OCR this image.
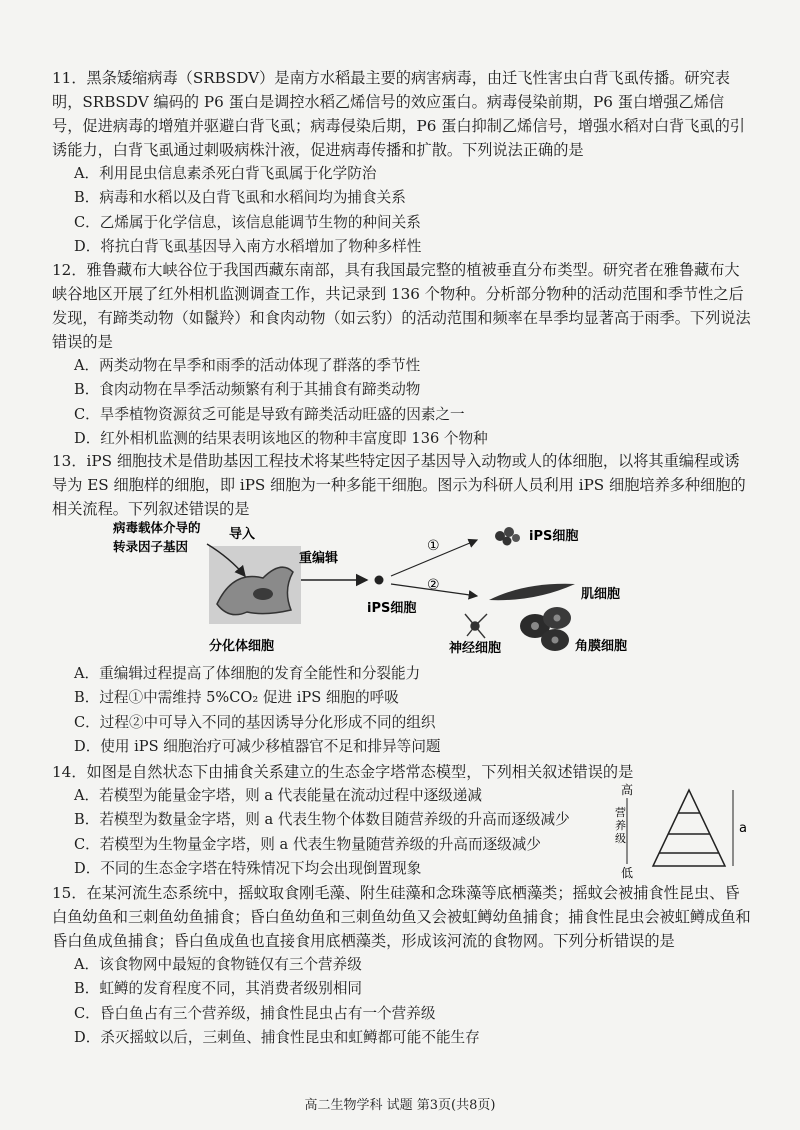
11．黑条矮缩病毒（SRBSDV）是南方水稻最主要的病害病毒，由迁飞性害虫白背飞虱传播。研究表明，SRBSDV 编码的 P6 蛋白是调控水稻乙烯信号的效应蛋白。病毒侵染前期，P6 蛋白增强乙烯信号，促进病毒的增殖并驱避白背飞虱；病毒侵染后期，P6 蛋白抑制乙烯信号，增强水稻对白背飞虱的引诱能力，白背飞虱通过刺吸病株汁液，促进病毒传播和扩散。下列说法正确的是

A．利用昆虫信息素杀死白背飞虱属于化学防治

B．病毒和水稻以及白背飞虱和水稻间均为捕食关系

C．乙烯属于化学信息，该信息能调节生物的种间关系

D．将抗白背飞虱基因导入南方水稻增加了物种多样性

12．雅鲁藏布大峡谷位于我国西藏东南部，具有我国最完整的植被垂直分布类型。研究者在雅鲁藏布大峡谷地区开展了红外相机监测调查工作，共记录到 136 个物种。分析部分物种的活动范围和季节性之后发现，有蹄类动物（如鬣羚）和食肉动物（如云豹）的活动范围和频率在旱季均显著高于雨季。下列说法错误的是

A．两类动物在旱季和雨季的活动体现了群落的季节性

B．食肉动物在旱季活动频繁有利于其捕食有蹄类动物

C．旱季植物资源贫乏可能是导致有蹄类活动旺盛的因素之一

D．红外相机监测的结果表明该地区的物种丰富度即 136 个物种

13．iPS 细胞技术是借助基因工程技术将某些特定因子基因导入动物或人的体细胞，以将其重编程或诱导为 ES 细胞样的细胞，即 iPS 细胞为一种多能干细胞。图示为科研人员利用 iPS 细胞培养多种细胞的相关流程。下列叙述错误的是

病毒载体介导的
转录因子基因
导入
分化体细胞
重编辑
iPS细胞
①
②
iPS细胞
肌细胞
神经细胞	角膜细胞

A．重编辑过程提高了体细胞的发育全能性和分裂能力

B．过程①中需维持 5%CO₂ 促进 iPS 细胞的呼吸

C．过程②中可导入不同的基因诱导分化形成不同的组织

D．使用 iPS 细胞治疗可减少移植器官不足和排异等问题

14．如图是自然状态下由捕食关系建立的生态金字塔常态模型，下列相关叙述错误的是

A．若模型为能量金字塔，则 a 代表能量在流动过程中逐级递减

B．若模型为数量金字塔，则 a 代表生物个体数目随营养级的升高而逐级减少

C．若模型为生物量金字塔，则 a 代表生物量随营养级的升高而逐级减少

D．不同的生态金字塔在特殊情况下均会出现倒置现象

高
营养级
低
a

15．在某河流生态系统中，摇蚊取食刚毛藻、附生硅藻和念珠藻等底栖藻类；摇蚊会被捕食性昆虫、昏白鱼幼鱼和三刺鱼幼鱼捕食；昏白鱼幼鱼和三刺鱼幼鱼又会被虹鳟幼鱼捕食；捕食性昆虫会被虹鳟成鱼和昏白鱼成鱼捕食；昏白鱼成鱼也直接食用底栖藻类，形成该河流的食物网。下列分析错误的是

A．该食物网中最短的食物链仅有三个营养级

B．虹鳟的发育程度不同，其消费者级别相同

C．昏白鱼占有三个营养级，捕食性昆虫占有一个营养级

D．杀灭摇蚊以后，三刺鱼、捕食性昆虫和虹鳟都可能不能生存

高二生物学科 试题 第3页(共8页)
